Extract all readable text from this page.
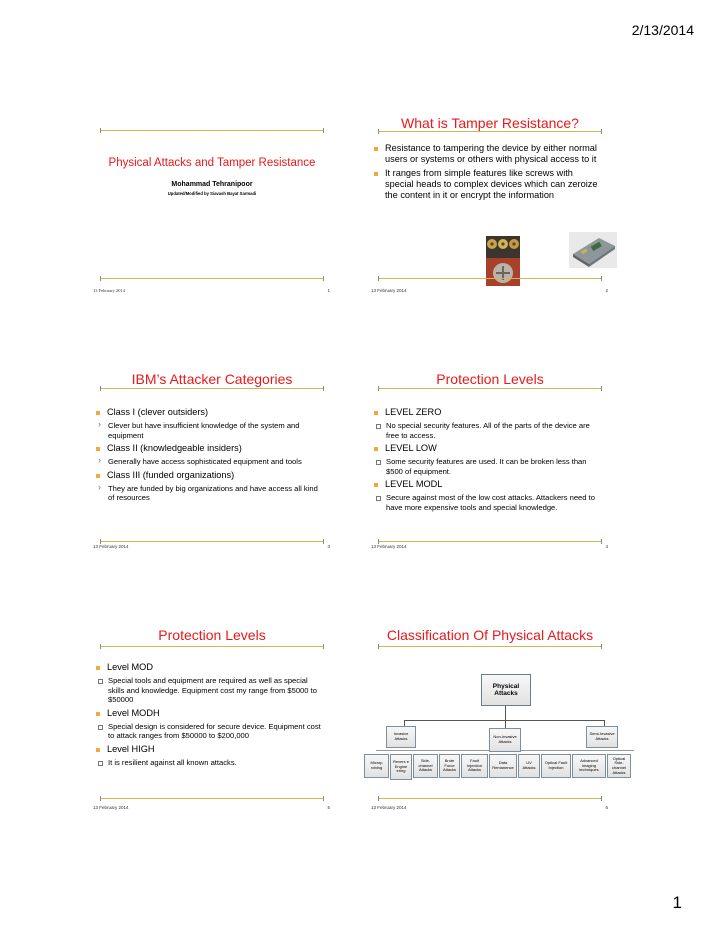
2/13/2014
Physical Attacks and Tamper Resistance
Mohammad Tehranipoor
Updated/Modified by Siavash Bayat Sarmadi
13 February 2014	1
What is Tamper Resistance?
Resistance to tampering the device by either normal users or systems or others with physical access to it
It ranges from simple features like screws with special heads to complex devices which can zeroize the content in it or encrypt the information
13 February 2014	2
IBM’s Attacker Categories
Class I (clever outsiders)
› Clever but have insufficient knowledge of the system and equipment
Class II (knowledgeable insiders)
› Generally have access sophisticated equipment and tools
Class III (funded organizations)
› They are funded by big organizations and have access all kind of resources
13 February 2014	3
Protection Levels
LEVEL ZERO
No special security features. All of the parts of the device are free to access.
LEVEL LOW
Some security features are used. It can be broken less than $500 of equipment.
LEVEL MODL
Secure against most of the low cost attacks. Attackers need to have more expensive tools and special knowledge.
13 February 2014	4
Protection Levels
Level MOD
Special tools and equipment are required as well as special skills and knowledge. Equipment cost my range from $5000 to $50000
Level MODH
Special design is considered for secure device. Equipment cost to attack ranges from $50000 to $200,000
Level HIGH
It is resilient against all known attacks.
13 February 2014	5
Classification Of Physical Attacks
Physical Attacks
Invasive Attacks	Non-Invasive Attacks
Semi-Invasive Attacks
Microp robing
Revers e Engine ering
Side-channel Attacks
Brute Force Attacks
Fault Injection Attacks
Data Remanence
UV Attacks
Optical Fault Injection
Advanced imaging techniques
Optical Side-channel Attacks
13 February 2014	6
1
